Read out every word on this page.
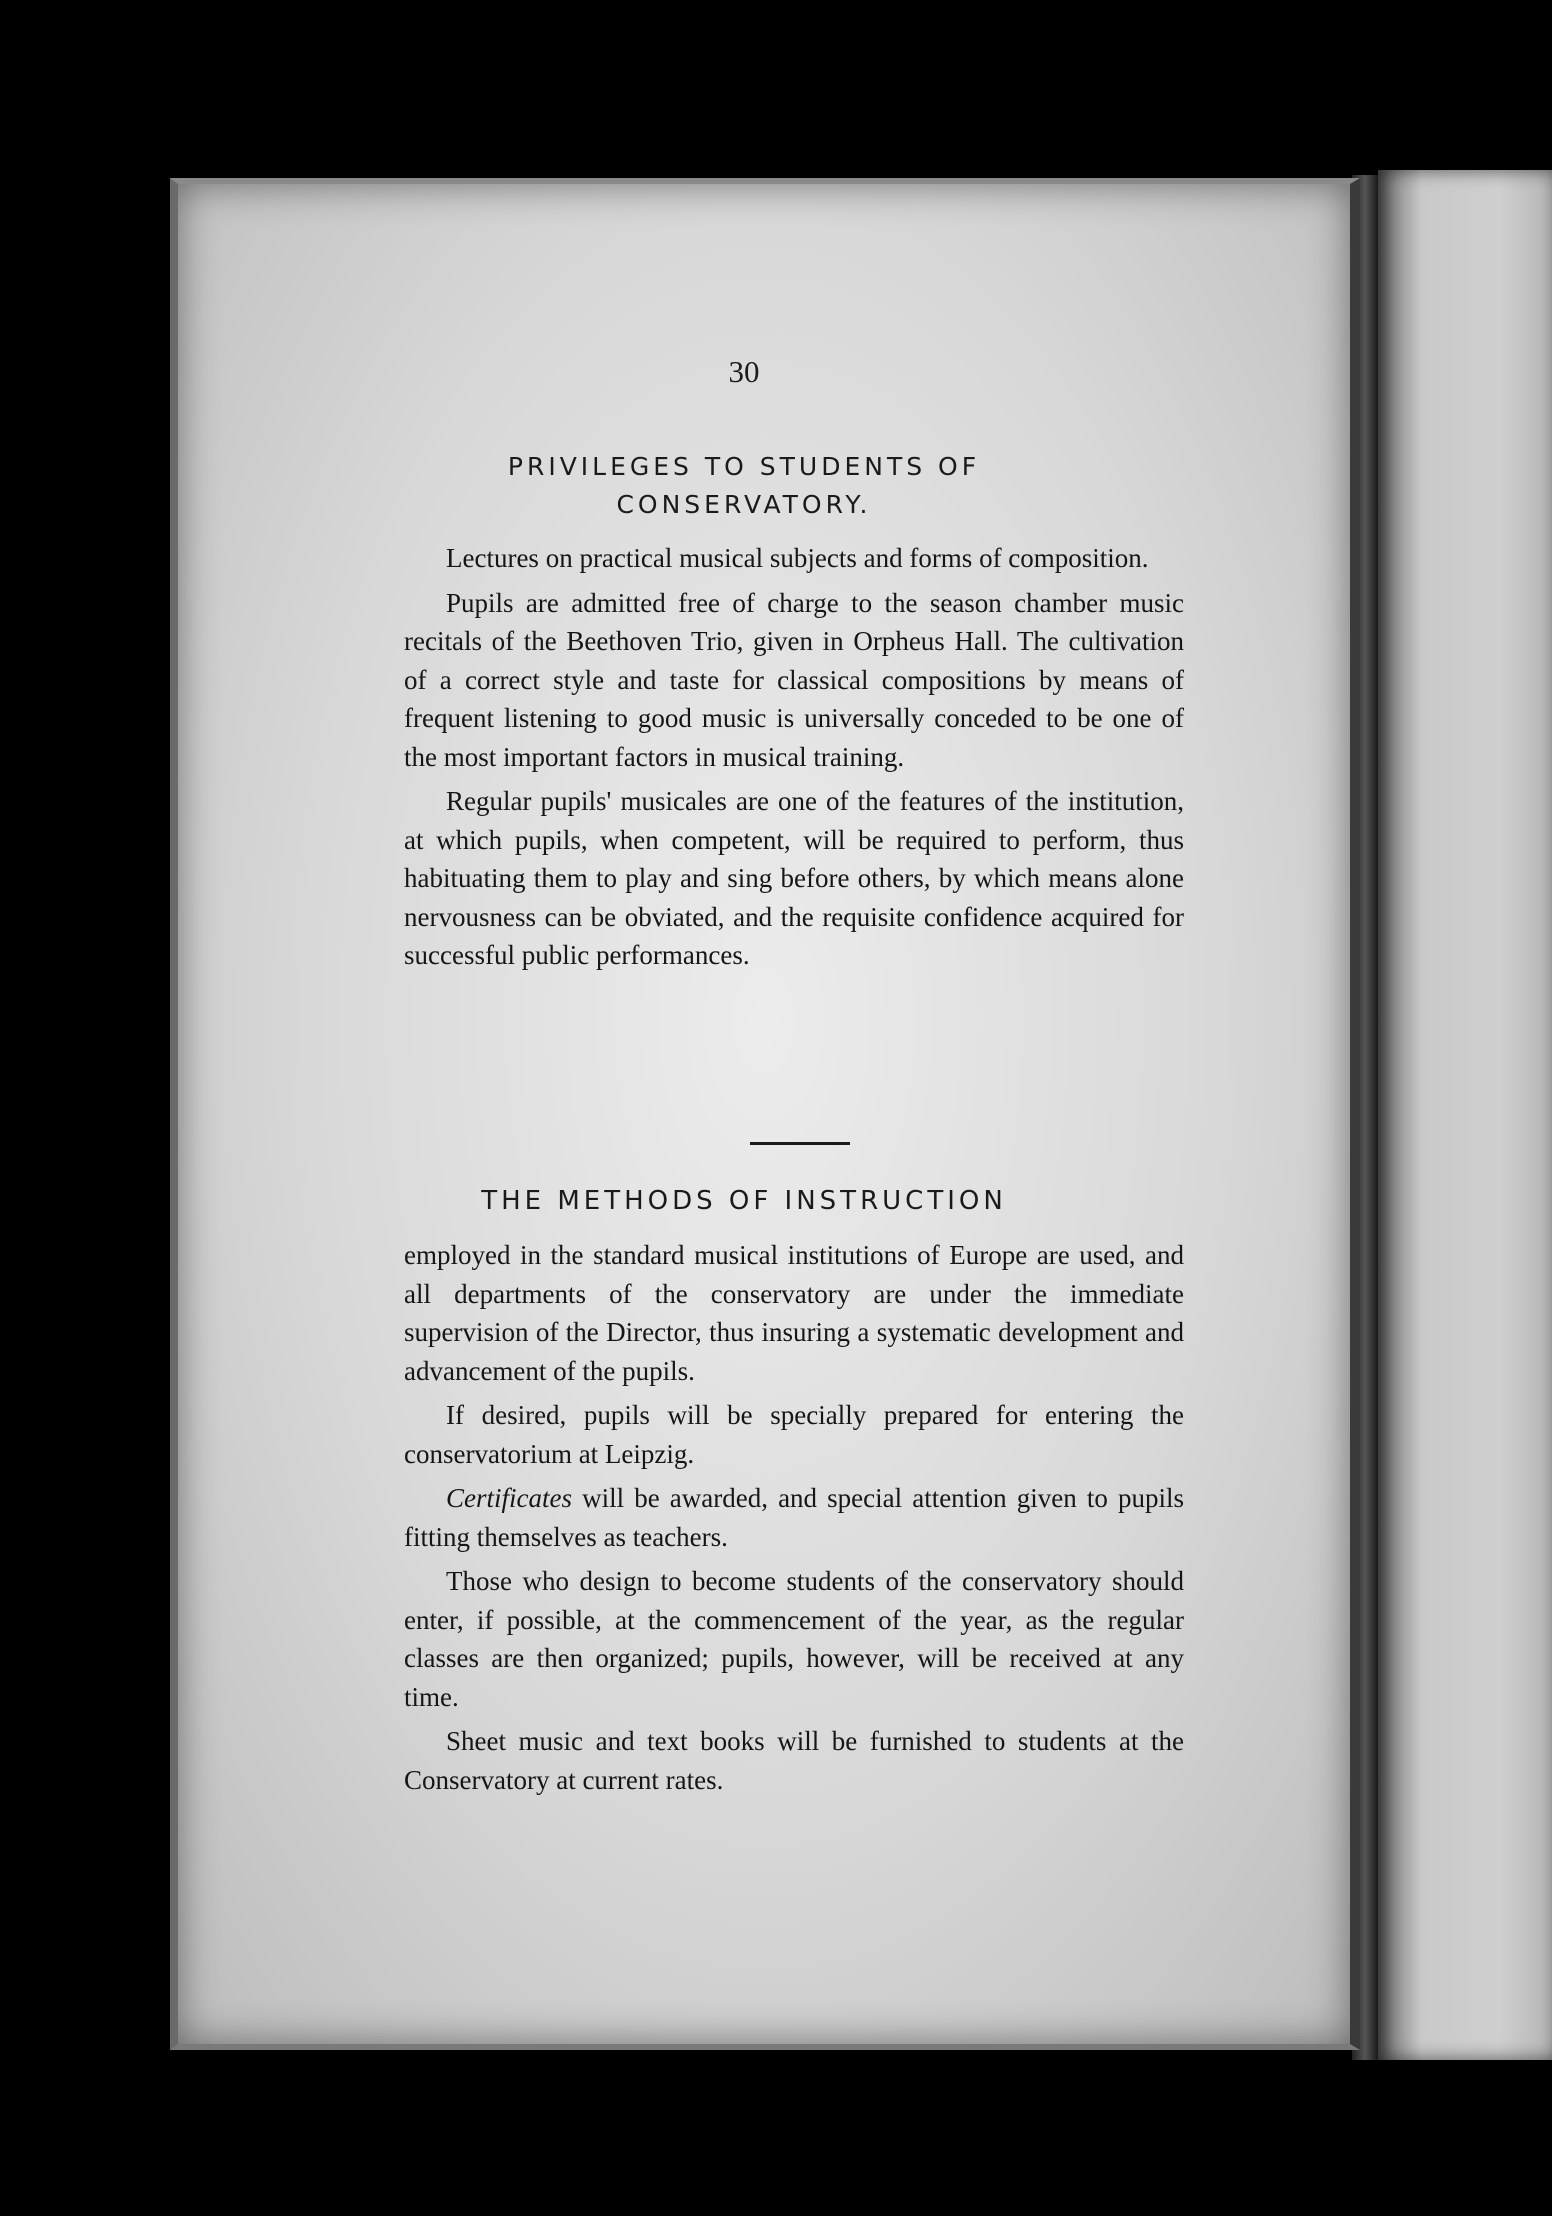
30
PRIVILEGES TO STUDENTS OF
CONSERVATORY.

Lectures on practical musical subjects and forms of composition.

Pupils are admitted free of charge to the season chamber music recitals of the Beethoven Trio, given in Orpheus Hall. The cultivation of a correct style and taste for classical compositions by means of frequent listening to good music is universally conceded to be one of the most important factors in musical training.

Regular pupils' musicales are one of the features of the institution, at which pupils, when competent, will be required to perform, thus habituating them to play and sing before others, by which means alone nervousness can be obviated, and the requisite confidence acquired for successful public performances.

THE METHODS OF INSTRUCTION

employed in the standard musical institutions of Europe are used, and all departments of the conservatory are under the immediate supervision of the Director, thus insuring a systematic development and advancement of the pupils.

If desired, pupils will be specially prepared for entering the conservatorium at Leipzig.

Certificates will be awarded, and special attention given to pupils fitting themselves as teachers.

Those who design to become students of the conservatory should enter, if possible, at the commencement of the year, as the regular classes are then organized; pupils, however, will be received at any time.

Sheet music and text books will be furnished to students at the Conservatory at current rates.
